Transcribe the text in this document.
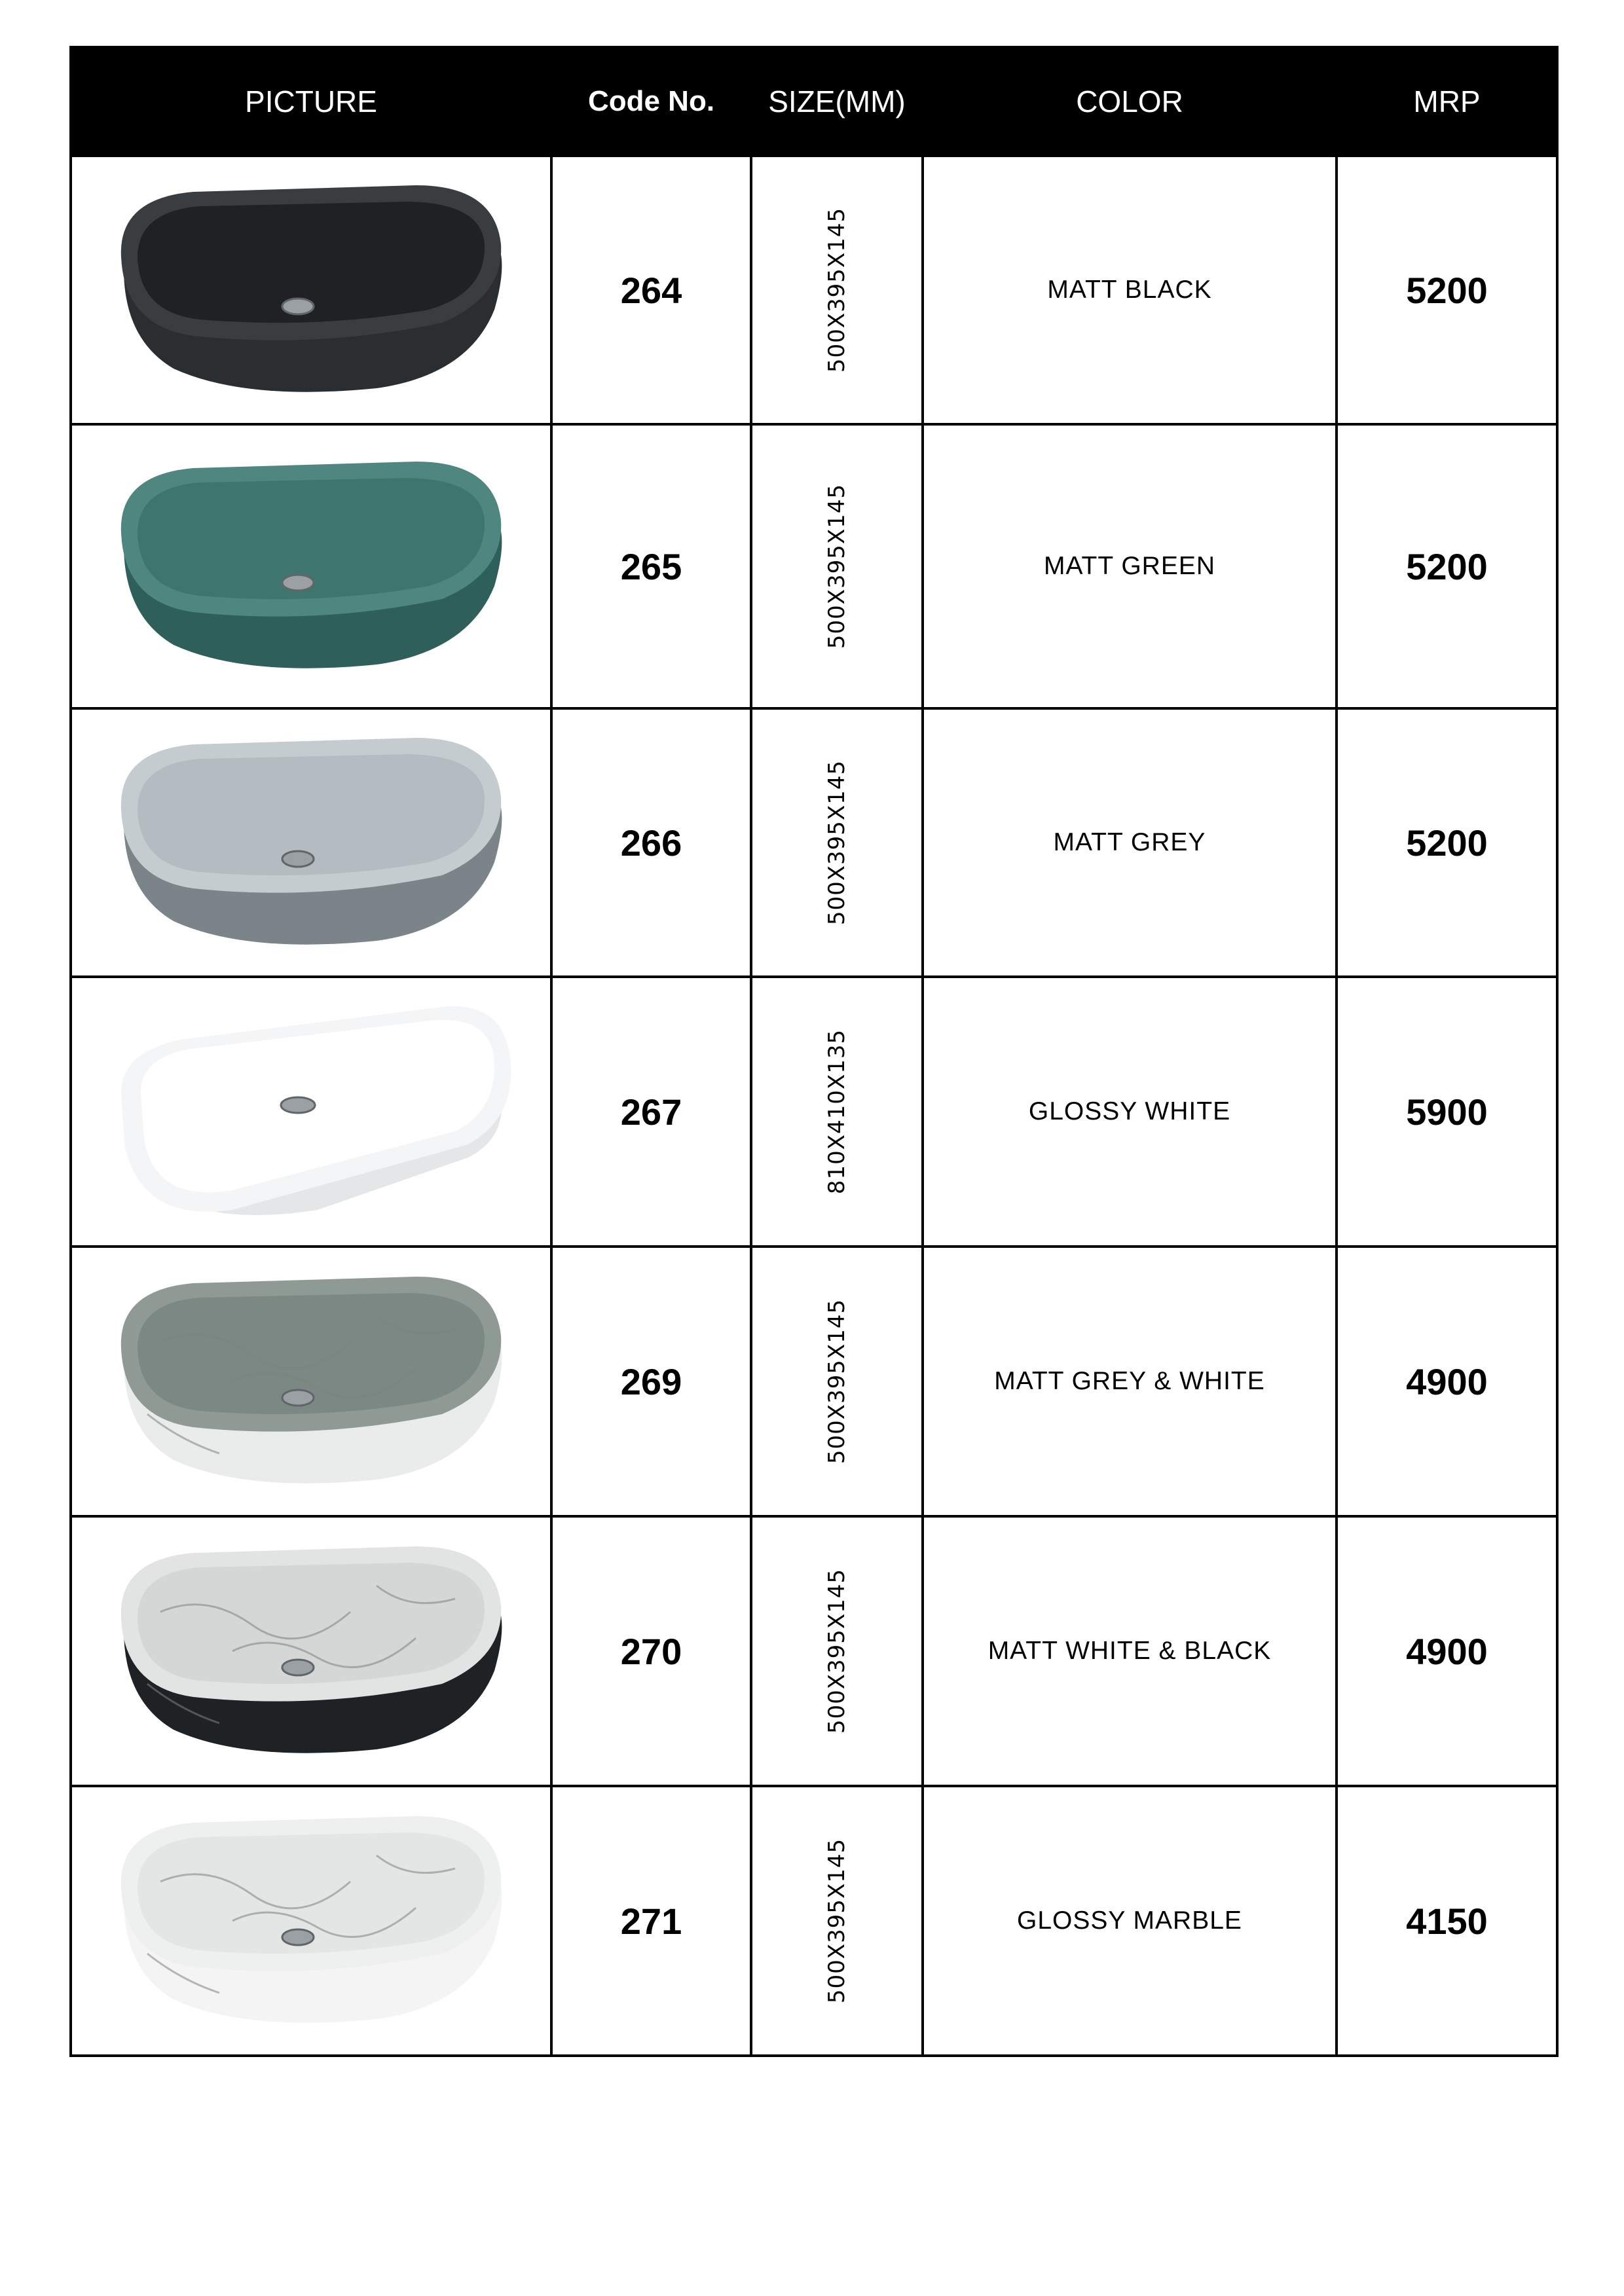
PICTURE	Code No.	SIZE(MM)	COLOR	MRP

	264	500X395X145	MATT BLACK	5200

	265	500X395X145	MATT GREEN	5200

	266	500X395X145	MATT GREY	5200

	267	810X410X135	GLOSSY WHITE	5900

	269	500X395X145	MATT GREY & WHITE	4900

	270	500X395X145	MATT WHITE & BLACK	4900

	271	500X395X145	GLOSSY MARBLE	4150
